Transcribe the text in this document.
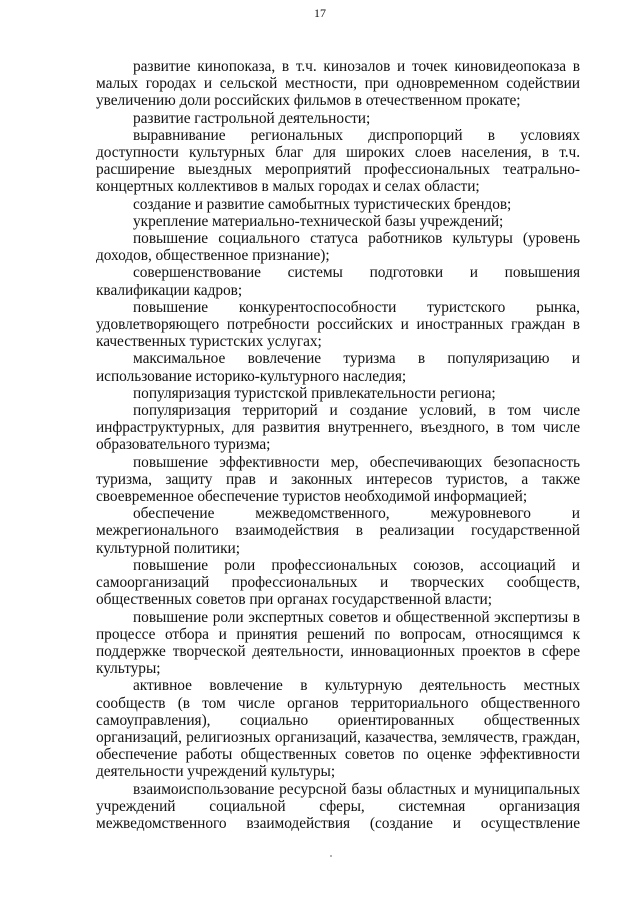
17

развитие кинопоказа, в т.ч. кинозалов и точек киновидеопоказа в малых городах и сельской местности, при одновременном содействии увеличению доли российских фильмов в отечественном прокате;

развитие гастрольной деятельности;

выравнивание региональных диспропорций в условиях доступности культурных благ для широких слоев населения, в т.ч. расширение выездных мероприятий профессиональных театрально-концертных коллективов в малых городах и селах области;

создание и развитие самобытных туристических брендов;

укрепление материально-технической базы учреждений;

повышение социального статуса работников культуры (уровень доходов, общественное признание);

совершенствование системы подготовки и повышения квалификации кадров;

повышение конкурентоспособности туристского рынка, удовлетворяющего потребности российских и иностранных граждан в качественных туристских услугах;

максимальное вовлечение туризма в популяризацию и использование историко-культурного наследия;

популяризация туристской привлекательности региона;

популяризация территорий и создание условий, в том числе инфраструктурных, для развития внутреннего, въездного, в том числе образовательного туризма;

повышение эффективности мер, обеспечивающих безопасность туризма, защиту прав и законных интересов туристов, а также своевременное обеспечение туристов необходимой информацией;

обеспечение межведомственного, межуровневого и межрегионального взаимодействия в реализации государственной культурной политики;

повышение роли профессиональных союзов, ассоциаций и самоорганизаций профессиональных и творческих сообществ, общественных советов при органах государственной власти;

повышение роли экспертных советов и общественной экспертизы в процессе отбора и принятия решений по вопросам, относящимся к поддержке творческой деятельности, инновационных проектов в сфере культуры;

активное вовлечение в культурную деятельность местных сообществ (в том числе органов территориального общественного самоуправления), социально ориентированных общественных организаций, религиозных организаций, казачества, землячеств, граждан, обеспечение работы общественных советов по оценке эффективности деятельности учреждений культуры;

взаимоиспользование ресурсной базы областных и муниципальных учреждений социальной сферы, системная организация межведомственного взаимодействия (создание и осуществление
